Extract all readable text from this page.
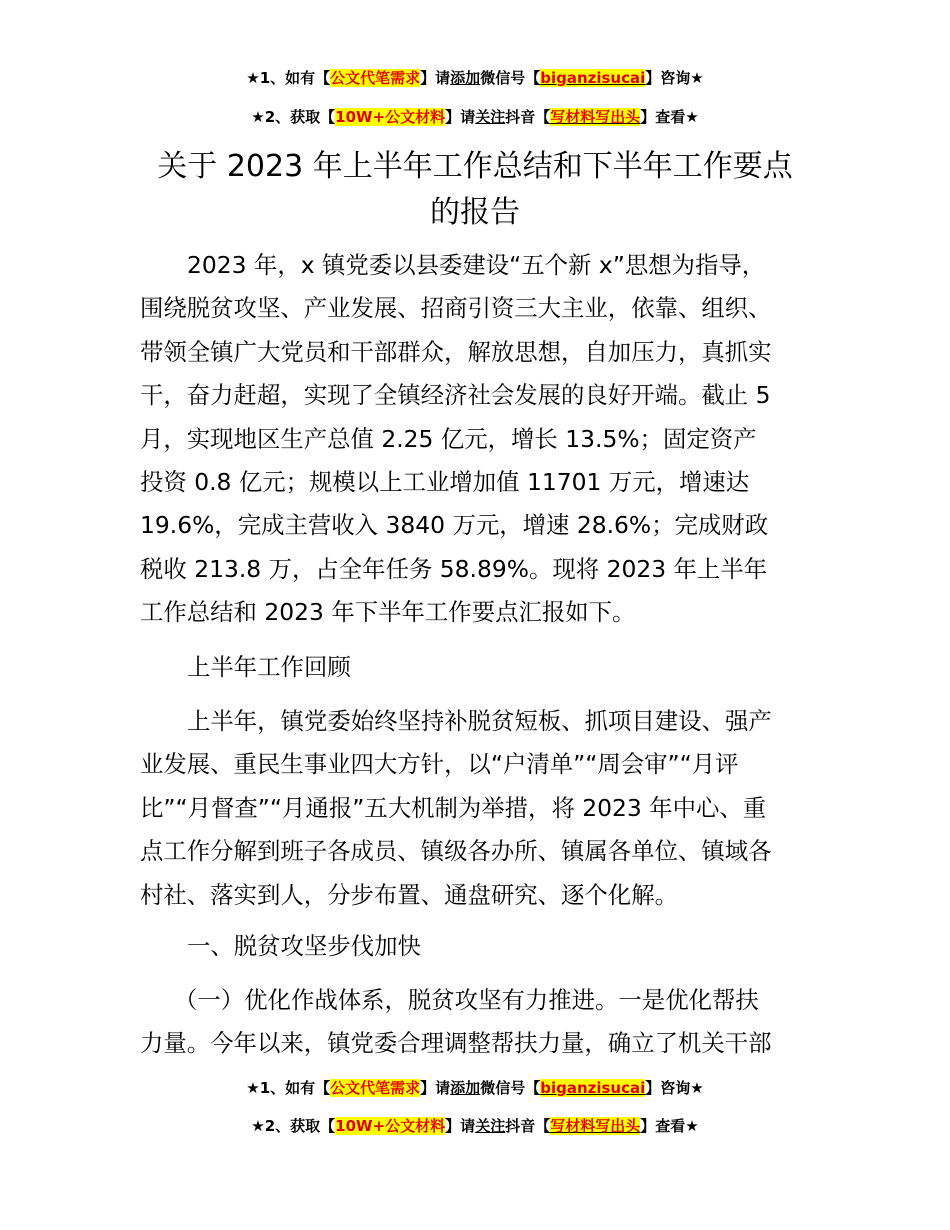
★1、如有【公文代笔需求】请添加微信号【biganzisucai】咨询★
★2、获取【10W+公文材料】请关注抖音【写材料写出头】查看★
关于 2023 年上半年工作总结和下半年工作要点
的报告
2023 年，x 镇党委以县委建设“五个新 x”思想为指导，
围绕脱贫攻坚、产业发展、招商引资三大主业，依靠、组织、
带领全镇广大党员和干部群众，解放思想，自加压力，真抓实
干，奋力赶超，实现了全镇经济社会发展的良好开端。截止 5
月，实现地区生产总值 2.25 亿元，增长 13.5%；固定资产
投资 0.8 亿元；规模以上工业增加值 11701 万元，增速达
19.6%，完成主营收入 3840 万元，增速 28.6%；完成财政
税收 213.8 万，占全年任务 58.89%。现将 2023 年上半年
工作总结和 2023 年下半年工作要点汇报如下。
上半年工作回顾
上半年，镇党委始终坚持补脱贫短板、抓项目建设、强产
业发展、重民生事业四大方针，以“户清单”“周会审”“月评
比”“月督查”“月通报”五大机制为举措，将 2023 年中心、重
点工作分解到班子各成员、镇级各办所、镇属各单位、镇域各
村社、落实到人，分步布置、通盘研究、逐个化解。
一、脱贫攻坚步伐加快
（一）优化作战体系，脱贫攻坚有力推进。一是优化帮扶
力量。今年以来，镇党委合理调整帮扶力量，确立了机关干部
★1、如有【公文代笔需求】请添加微信号【biganzisucai】咨询★
★2、获取【10W+公文材料】请关注抖音【写材料写出头】查看★
